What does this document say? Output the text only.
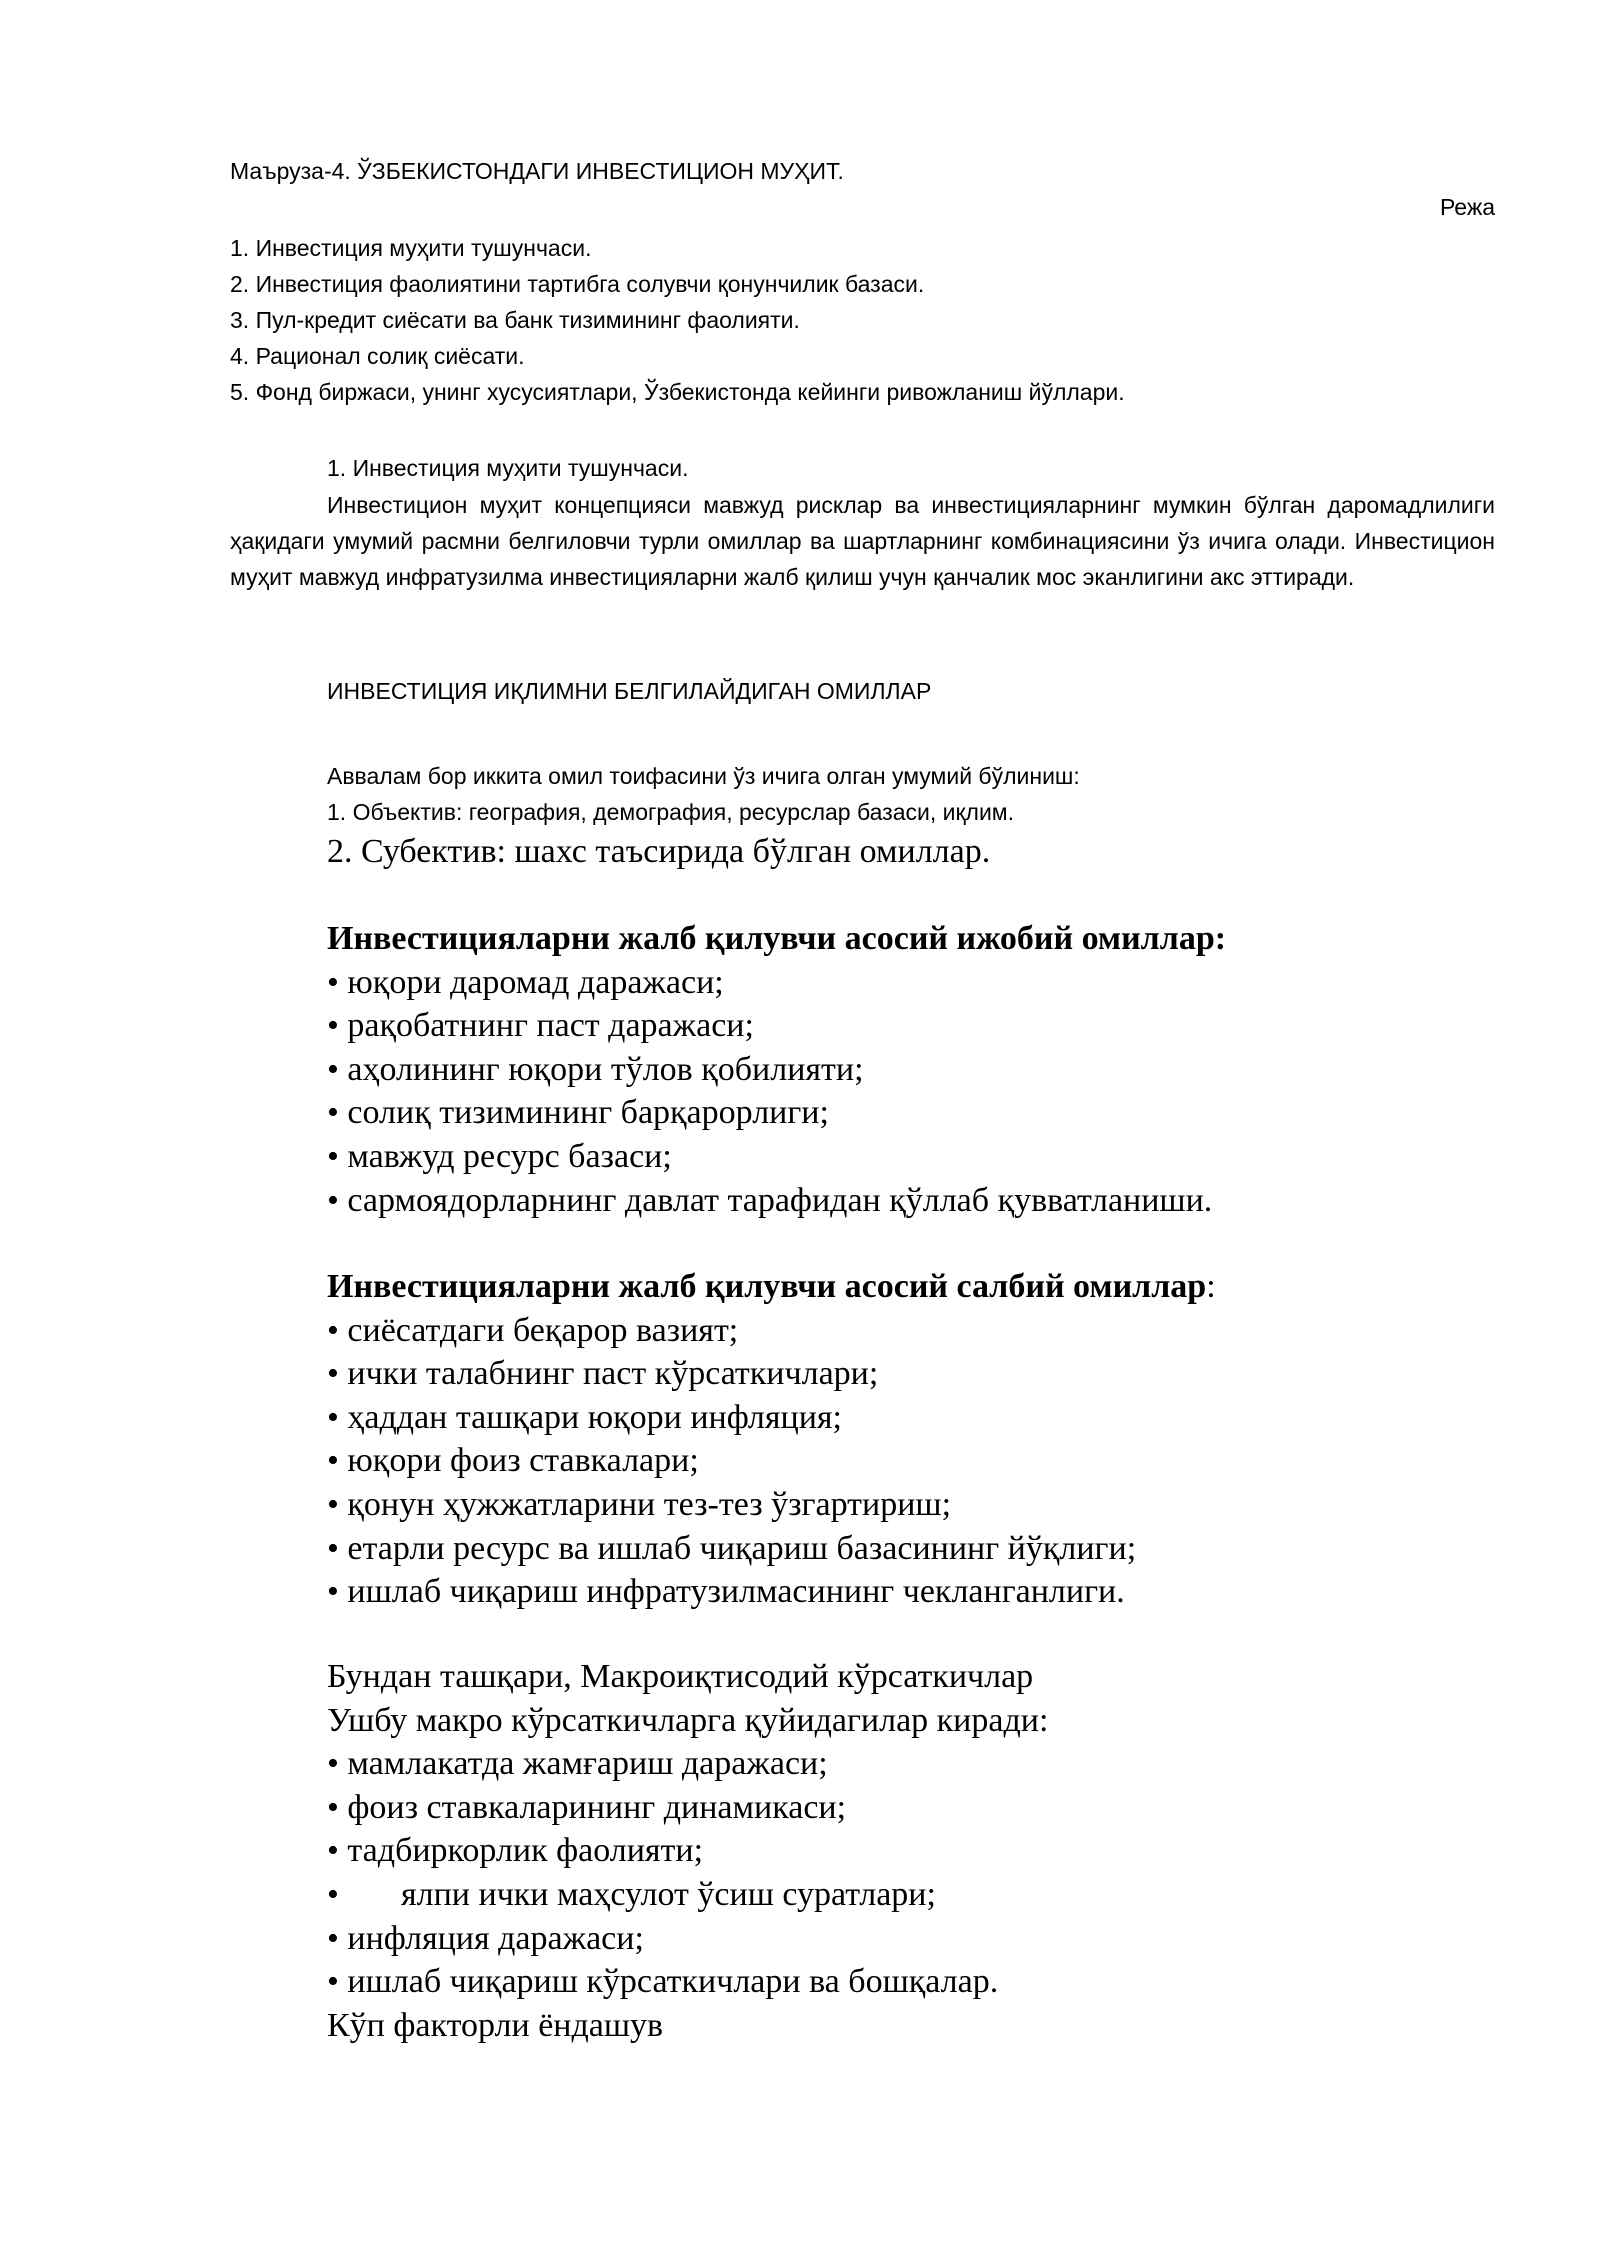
Маъруза-4. ЎЗБЕКИСТОНДАГИ ИНВЕСТИЦИОН МУҲИТ.
Режа
1. Инвестиция муҳити тушунчаси.
2. Инвестиция фаолиятини тартибга солувчи қонунчилик базаси.
3. Пул-кредит сиёсати ва банк тизимининг фаолияти.
4. Рационал солиқ сиёсати.
5. Фонд биржаси, унинг хусусиятлари, Ўзбекистонда кейинги ривожланиш йўллари.
1. Инвестиция муҳити тушунчаси.
Инвестицион муҳит концепцияси мавжуд рисклар ва инвестицияларнинг мумкин бўлган даромадлилиги ҳақидаги умумий расмни белгиловчи турли омиллар ва шартларнинг комбинациясини ўз ичига олади. Инвестицион муҳит мавжуд инфратузилма инвестицияларни жалб қилиш учун қанчалик мос эканлигини акс эттиради.
ИНВЕСТИЦИЯ ИҚЛИМНИ БЕЛГИЛАЙДИГАН ОМИЛЛАР
Аввалам бор иккита омил тоифасини ўз ичига олган умумий бўлиниш:
1. Объектив: география, демография, ресурслар базаси, иқлим.
2. Субектив: шахс таъсирида бўлган омиллар.
Инвестицияларни жалб қилувчи асосий ижобий омиллар:
• юқори даромад даражаси;
• рақобатнинг паст даражаси;
• аҳолининг юқори тўлов қобилияти;
• солиқ тизимининг барқарорлиги;
• мавжуд ресурс базаси;
• сармоядорларнинг давлат тарафидан қўллаб қувватланиши.
Инвестицияларни жалб қилувчи асосий салбий омиллар:
• сиёсатдаги беқарор вазият;
• ички талабнинг паст кўрсаткичлари;
• ҳаддан ташқари юқори инфляция;
• юқори фоиз ставкалари;
• қонун ҳужжатларини тез-тез ўзгартириш;
• етарли ресурс ва ишлаб чиқариш базасининг йўқлиги;
• ишлаб чиқариш инфратузилмасининг чекланганлиги.
Бундан ташқари, Макроиқтисодий кўрсаткичлар
Ушбу макро кўрсаткичларга қуйидагилар киради:
• мамлакатда жамғариш даражаси;
• фоиз ставкаларининг динамикаси;
• тадбиркорлик фаолияти;
• ялпи ички маҳсулот ўсиш суратлари;
• инфляция даражаси;
• ишлаб чиқариш кўрсаткичлари ва бошқалар.
Кўп факторли ёндашув
